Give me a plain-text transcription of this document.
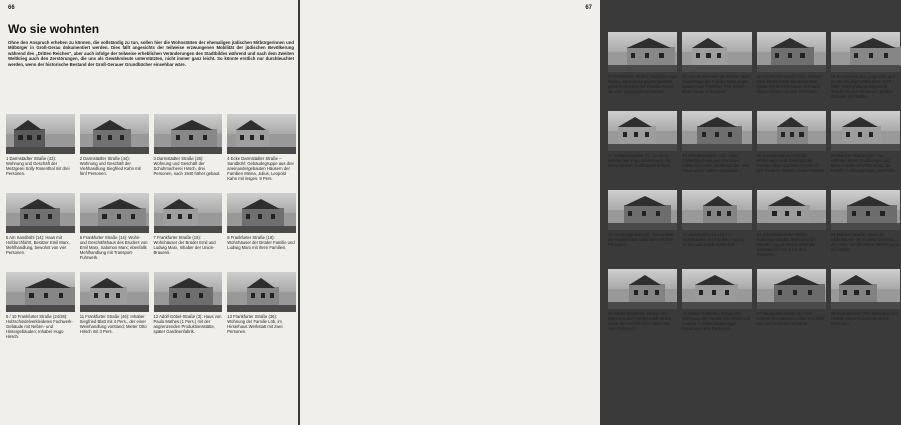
66
Wo sie wohnten
Ohne den Anspruch erheben zu können, die vollständig zu tun, sollen hier die Wohnstätten der ehemaligen jüdischen Mitbürgerinnen und Mitbürger in Groß-Gerau dokumentiert werden. Dies fällt angesichts der teilweise erzwungenen Mobilität der jüdischen Bevölkerung während des „Dritten Reiches", aber auch infolge der teilweise erheblichen Veränderungen des Stadtbildes während und nach dem Zweiten Weltkrieg auch den Zerstörungen, die uns als Gewährsleute unterstützten, nicht immer ganz leicht. So könnte erstlich nur durchleuchtet werden, wenn der historische Bestand der Groß-Gerauer Grundbücher einsehbar wäre.
1 Darmstädter Straße (43): Wohnung und Geschäft der Metzgerei Solly Rosenthal mit drei Personen.
2 Darmstädter Straße (44): Wohnung und Geschäft der Viehhandlung Siegfried Kahn mit fünf Personen.
3 Darmstädter Straße (26): Wohnung und Geschäft der Schuhmacherei Hirsch, drei Personen, nach 1940 höher gebaut.
4 Ecke Darmstädter Straße – Sandbühl: Gebäudegruppe aus drei aneinandergebauten Häusern der Familien Minna, Julius, Leopold Kahn mit insges. 9 Pers.
5 Am Sandbühl (14): Haus mit Hofdurchfahrt, Besitzer Emil Marx, Mehlhandlung, bewohnt von vier Personen.
6 Frankfurter Straße (14): Wohn- und Geschäftshaus des Bruders von Emil Marx, Salomon Marx; ebenfalls Mehlhandlung mit Transport-Fuhrwerk.
7 Frankfurter Straße (18): Wohnhäuser der Brüder Emil und Ludwig Marx, Inhaber der Union-Brauerei.
8 Frankfurter Straße (18): Wohnhäuser der Brüder Familie und Ludwig Marx mit ihren Familien.
9 / 10 Frankfurter Straße (24/26): Holzschindelverkleidetes Fachwerk-Gebäude mit Neben- und Hintergebäuden; Inhaber Hugo Hirsch.
11 Frankfurter Straße (46): Inhaber Siegfried Blatt mit 4 Pers., der einer Weinhandlung vorstand; Mieter Otto Hirsch mit 3 Pers.
12 Adolf-Göbel-Straße (3): Haus von Paula Mathes (1 Pers.) mit der angrenzenden Produktionsstätte, später Gardinenfabrik.
13 Frankfurter Straße (36): Wohnung der Familie Löb, im Hinterhaus Werkstatt mit zwei Personen.
67
17 Frankfurter Straße, heutiges Haus Rasse, Seniorenbegegnungsstätte, gehörte dereinst der Familie Hirsch, die eine Viehhandlung betrieb.
18 Uncom-Brauerei der Brüder Marx: Angehörige der Familie Marx zogen später nach Frankfurt, ihre Söhne leben heute verheiratet.
15 Frankfurter Straße (72): Inhaber einer Mehlschenk-handlung Max Nauer mit fünf Personen, im Haus Mieter Simon mit zwei Personen.
16 Schützenstraße, ungenutzt und an den heutigen Park-platz nach links. Viehhandlung Siegmund Strauß mit drei Personen; großes Gelände mit Ställen.
17 Schützenstraße (7), zur Miete wohnte hier Frau Schönmann, die einen kleinen Textilhandel betrieb.
18 Schützenstraße (14): Adolf Dahlerbruch aus vier Personen führte hier einen Kleiderhandel. Das Haus wurde später umgebaut.
19 Schützenstraße (16/18): Wohnungen und Geschäft der Familie Albert und Max Hirsch mit drei Kindern, Häuten, Geden-handel.
20 Mainzer Straße (28): Hier wohnten Moritz Goldberger und seine Familie mit Frau Rosa; die Familie Goldberger kam aus Polen.
21 Am Burggraben (4): Hier wohnte die Familie Max Goldmann mit fünf Personen.
22 Jahnstraße (10 und 12): Wohnhäuser der Familien August Hirsch und Jakob Gottschall.
23 Jahnstraße Ecke Walter-Rathenau-Straße: Wohnung der Familie August Hirsch, ehemals Bauunternehmung mit drei Personen.
24 Mainzer Straße, eines der Wohnhäuser der Familie Salomon, die einen Handel führte; Wohnung in der Mühle.
25 Walter-Rathenau-Straße (11): Wohnung der Familie Adolf Hirsch, sowie der Familie Max Hirsch mit zwei Personen.
26 Walter-Rathenau-Straße (9): Wohnung der Familie Ida Hirsch und anderer Familienangehöriger, zusammen drei Personen.
27 Margaretenstraße (4): Hier wohnte der jüdische Lehrer Kornfeld mit fünf Personen als Miete.
28 Helwigstraße (20): Wohnung der Familie Moritz Schott mit sechs Personen.
